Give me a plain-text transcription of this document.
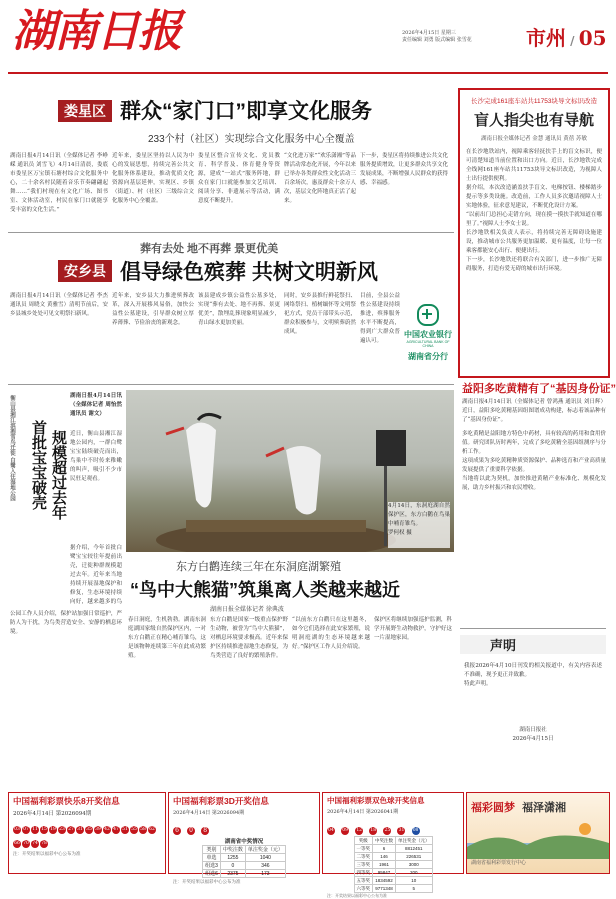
湖南日报	2026年4月15日 星期三
责任编辑 刘勇 版式编辑 张雪花	市州 / 05
娄星区 群众“家门口”即享文化服务
233个村（社区）实现综合文化服务中心全覆盖
湖南日报4月14日讯（全媒体记者 李峥嵘 通讯员 刘雪飞）4月14日清晨，娄底市娄星区万宝镇石塘村综合文化服务中心，二十余名村民随着音乐节奏翩翩起舞……“我们村现在有文化广场、图书室、文体活动室，村民在家门口就能享受丰富的文化生活。”
近年来，娄星区坚持以人民为中心的发展思想，持续完善公共文化服务体系建设，推动优质文化资源向基层延伸，实现区、乡镇（街道）、村（社区）三级综合文化服务中心全覆盖。
娄星区整合宣传文化、党员教育、科学普及、体育健身等资源，建成“一站式”服务阵地，群众在家门口就能参加文艺培训、阅读分享、非遗展示等活动，满意度不断提升。
“文化进万家”“欢乐潇湘”等品牌活动常态化开展，今年以来已举办各类群众性文化活动三百余场次，惠及群众十余万人次，基层文化阵地真正活了起来。
下一步，娄星区将持续推进公共文化服务提质增效，让更多群众共享文化发展成果，不断增强人民群众的获得感、幸福感。
葬有去处 地不再葬 景更优美
安乡县 倡导绿色殡葬 共树文明新风
湖南日报4月14日讯（全媒体记者 李杰 通讯员 周晓文 黄雅雪）清明节前后，安乡县城乡处处可见文明祭扫新风。
近年来，安乡县大力推进殡葬改革，深入开展移风易俗，加快公益性公墓建设，引导群众树立厚养薄葬、节俭治丧的新观念。
该县建成乡镇公益性公墓多处，实现“葬有去处、地不再葬、景更优美”，散埋乱葬现象明显减少，青山绿水更加美丽。
同时，安乡县推行鲜花祭扫、网络祭扫、植树缅怀等文明祭祀方式，党员干部带头示范，群众积极参与，文明殡葬蔚然成风。
目前，全县公益性公墓建设持续推进，殡葬服务水平不断提高，得到广大群众普遍认可。
中国农业银行
AGRICULTURAL BANK OF CHINA
湖南省分行
衡山县湘江滨湘雪鸟迁徙 白鹭入住湿地公园 首批宝宝破壳 规模超过去年
湖南日报4月14日讯（全媒体记者 周怡然 通讯员 谢文）
近日，衡山县湘江湿地公园内，一群白鹭宝宝陆续破壳而出，鸟巢中不时传来稚嫩的叫声，吸引不少市民驻足观看。
据介绍，今年首批白鹭宝宝较往年提前出壳，迁徙种群规模超过去年。近年来当地持续开展湿地保护和修复，生态环境持续向好，越来越多的鸟
公园工作人员介绍，保护站加强日常巡护，严防人为干扰，为鸟类营造安全、安静的栖息环境。
4月14日，东洞庭湖自然保护区，东方白鹳在鸟巢中哺育雏鸟。
罗何权 摄
东方白鹳连续三年在东洞庭湖繁殖
“鸟中大熊猫”筑巢离人类越来越近
湖南日报全媒体记者 徐典波
春日洞庭，生机勃勃。湖南东洞庭湖国家级自然保护区内，一对东方白鹳正在精心哺育雏鸟，这是该物种连续第三年在此成功繁殖。
东方白鹳是国家一级重点保护野生动物，被誉为“鸟中大熊猫”，对栖息环境要求极高。近年来保护区持续推进湿地生态修复，为鸟类营造了良好的繁殖条件。
“以前东方白鹳只在这里越冬，如今它们选择在此安家繁殖，说明洞庭湖的生态环境越来越好。”保护区工作人员介绍说。
保护区将继续加强巡护监测，科学开展野生动物救护，守护好这一片湿地家园。
长沙完成161座车站共11753块导文标识改造
盲人指尖也有导航
湖南日报全媒体记者 金慧 通讯员 黄蓓 苏敏
在长沙地铁站内，视障乘客轻抚扶手上的盲文标识，便可清楚知道当前位置和出口方向。近日，长沙地铁完成全线网161座车站共11753块导文标识改造，为视障人士出行提供便利。
据介绍，本次改造涵盖扶手盲文、电梯按钮、楼梯踏步提示等多类设施。改造前，工作人员多次邀请视障人士实地体验，征求意见建议，不断优化设计方案。
“以前出门总担心走错方向，现在摸一摸扶手就知道在哪里了。”视障人士李女士说。
长沙地铁相关负责人表示，将持续完善无障碍设施建设，推动城市公共服务更加温暖、更有温度，让每一位乘客都能安心出行、便捷出行。
下一步，长沙地铁还将联合有关部门，进一步推广无障碍服务，打造有爱无碍的城市出行环境。
益阳多吃黄精有了“基因身份证”
湖南日报4月14日讯（全媒体记者 曾鸿燕 通讯员 刘日辉）近日，益阳多吃黄精基因组图谱成功构建，标志着该品种有了“基因身份证”。
多吃黄精是益阳地方特色中药材，具有较高的药用和食用价值。研究团队历时两年，完成了多吃黄精全基因组测序与分析工作。
这项成果为多吃黄精种质资源保护、品种选育和产业高质量发展提供了重要科学依据。
当地将以此为契机，加快推进黄精产业标准化、规模化发展，助力乡村振兴和农民增收。
声明
我报2026年4月10日刊发的相关报道中，有关内容表述不准确，现予更正并致歉。
特此声明。
湖南日报社
2026年4月15日
中国福利彩票快乐8开奖信息
2026年4月14日 第2026094期
03 07 11 15 19 23 27 31 35 39 42 47 51 55 58 6266 70 74 78
注：开奖结果以福彩中心公布为准
中国福利彩票3D开奖信息
2026年4月14日 第2026094期
6 0 8
湖南省中奖情况
类别	中奖注数	单注奖金（元）
单选	1255	1040
组选3	0	346
组选6	2375	173
注：开奖结果以福彩中心公布为准
中国福利彩票双色球开奖信息
2026年4月14日 第2026041期
04 09 12 18 25 31 08
奖级	中奖注数	单注奖金（元）
一等奖	6	8812451
二等奖	146	226531
三等奖	1961	3000
四等奖	95847	200
五等奖	1834592	10
六等奖	9771348	5
注：开奖结果以福彩中心公布为准
福彩圆梦 福泽潇湘
湖南省福利彩票发行中心
